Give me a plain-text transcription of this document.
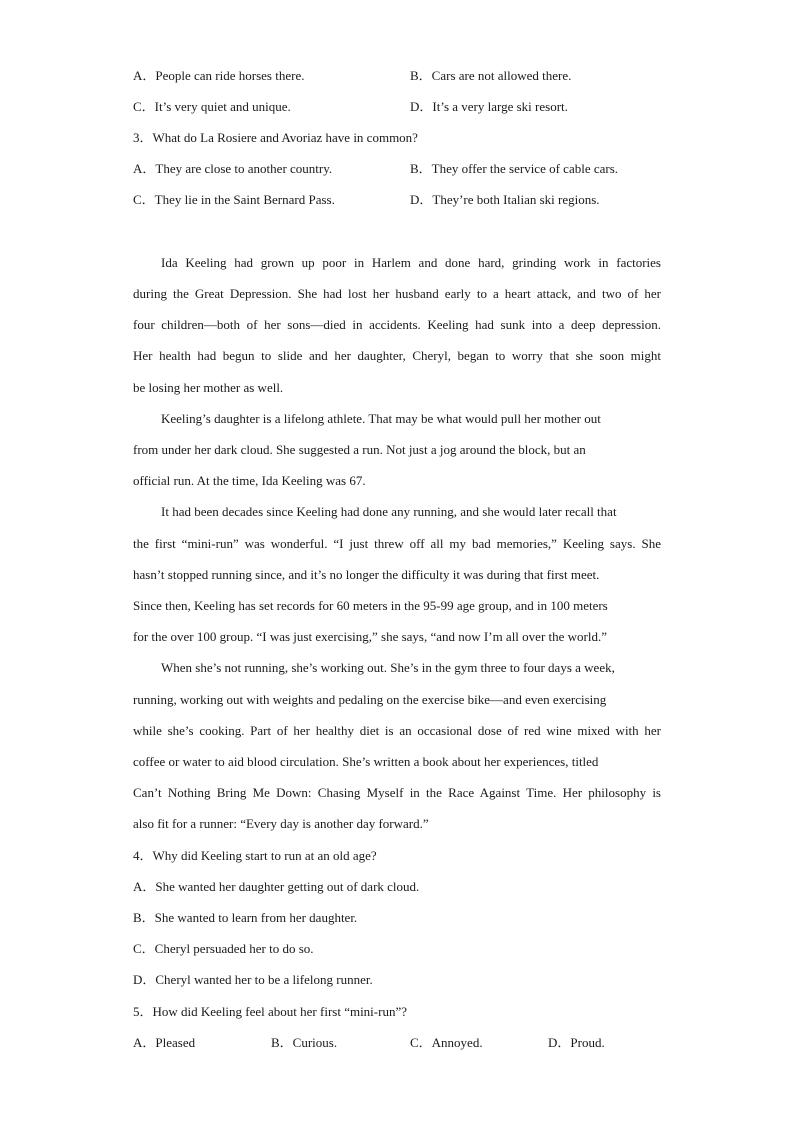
A．People can ride horses there.	B．Cars are not allowed there.
C．It’s very quiet and unique.	D．It’s a very large ski resort.
3．What do La Rosiere and Avoriaz have in common?
A．They are close to another country.	B．They offer the service of cable cars.
C．They lie in the Saint Bernard Pass.	D．They’re both Italian ski regions.
Ida Keeling had grown up poor in Harlem and done hard, grinding work in factories
during the Great Depression. She had lost her husband early to a heart attack, and two of her
four children—both of her sons—died in accidents. Keeling had sunk into a deep depression.
Her health had begun to slide and her daughter, Cheryl, began to worry that she soon might
be losing her mother as well.
Keeling’s daughter is a lifelong athlete. That may be what would pull her mother out
from under her dark cloud. She suggested a run. Not just a jog around the block, but an
official run. At the time, Ida Keeling was 67.
It had been decades since Keeling had done any running, and she would later recall that
the first “mini-run” was wonderful. “I just threw off all my bad memories,” Keeling says. She
hasn’t stopped running since, and it’s no longer the difficulty it was during that first meet.
Since then, Keeling has set records for 60 meters in the 95-99 age group, and in 100 meters
for the over 100 group. “I was just exercising,” she says, “and now I’m all over the world.”
When she’s not running, she’s working out. She’s in the gym three to four days a week,
running, working out with weights and pedaling on the exercise bike—and even exercising
while she’s cooking. Part of her healthy diet is an occasional dose of red wine mixed with her
coffee or water to aid blood circulation. She’s written a book about her experiences, titled
Can’t Nothing Bring Me Down: Chasing Myself in the Race Against Time. Her philosophy is
also fit for a runner: “Every day is another day forward.”
4．Why did Keeling start to run at an old age?
A．She wanted her daughter getting out of dark cloud.
B．She wanted to learn from her daughter.
C．Cheryl persuaded her to do so.
D．Cheryl wanted her to be a lifelong runner.
5．How did Keeling feel about her first “mini-run”?
A．Pleased	B．Curious.	C．Annoyed.	D．Proud.
